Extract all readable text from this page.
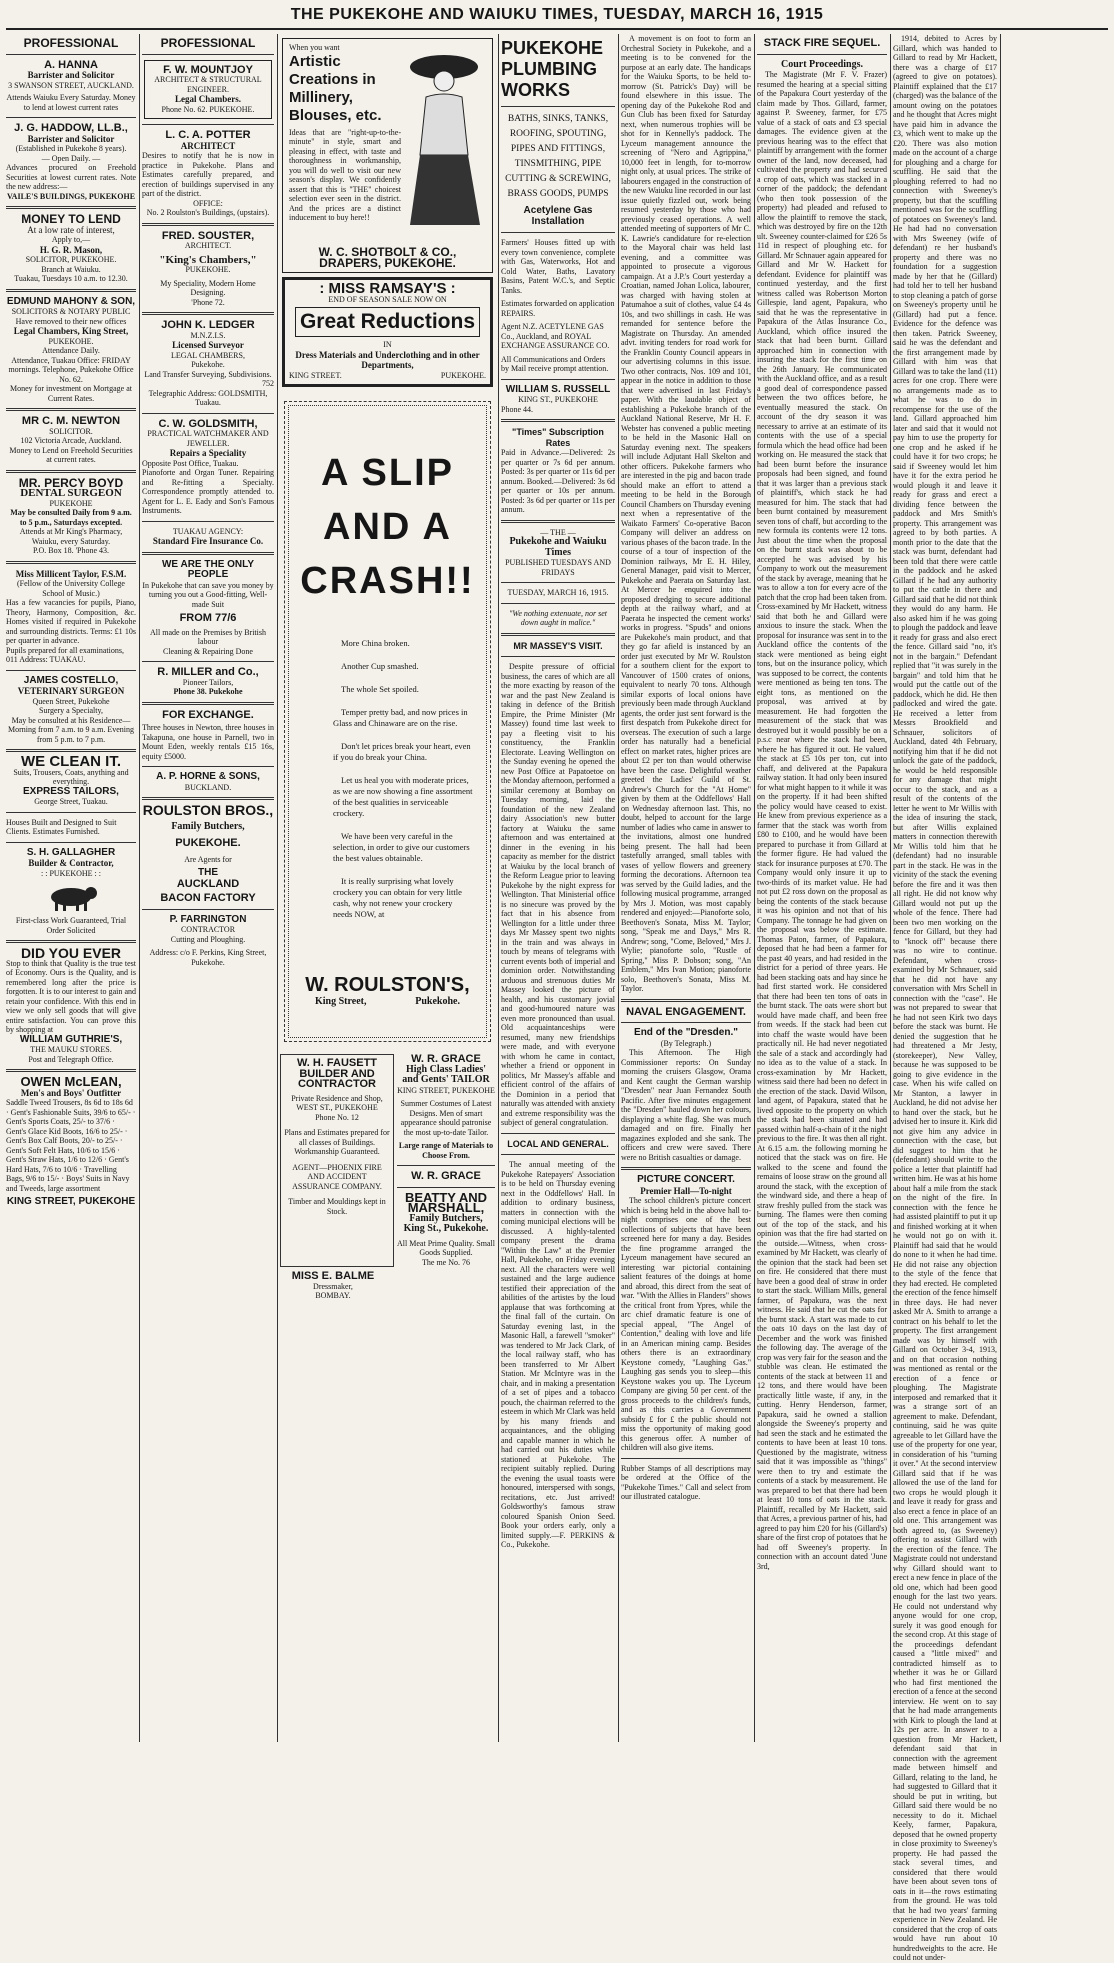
THE PUKEKOHE AND WAIUKU TIMES, TUESDAY, MARCH 16, 1915
PROFESSIONAL
A. HANNA
Barrister and Solicitor
3 SWANSON STREET, AUCKLAND.
Attends Waiuku Every Saturday. Money to lend at lowest current rates
J. G. HADDOW, LL.B.,
Barrister and Solicitor
(Established in Pukekohe 8 years).
— Open Daily. —
Advances procured on Freehold Securities at lowest current rates. Note the new address:—
VAILE'S BUILDINGS, PUKEKOHE
MONEY TO LEND
At a low rate of interest,
Apply to,—
H. G. R. Mason,
SOLICITOR, PUKEKOHE.
Branch at Waiuku.
Tuakau, Tuesdays 10 a.m. to 12.30.
EDMUND MAHONY & SON,
SOLICITORS & NOTARY PUBLIC
Have removed to their new offices
Legal Chambers, King Street,
PUKEKOHE.
Attendance Daily.
Attendance, Tuakau Office: FRIDAY mornings. Telephone, Pukekohe Office No. 62.
Money for investment on Mortgage at Current Rates.
MR C. M. NEWTON
SOLICITOR.
102 Victoria Arcade, Auckland.
Money to Lend on Freehold Securities at current rates.
MR. PERCY BOYD
DENTAL SURGEON
PUKEKOHE
May be consulted Daily from 9 a.m. to 5 p.m., Saturdays excepted.
Attends at Mr King's Pharmacy, Waiuku, every Saturday.
P.O. Box 18. 'Phone 43.
Miss Millicent Taylor, F.S.M.
(Fellow of the University College School of Music.)
Has a few vacancies for pupils, Piano, Theory, Harmony, Composition, &c. Homes visited if required in Pukekohe and surrounding districts. Terms: £1 10s per quarter in advance.
Pupils prepared for all examinations,
011 Address: TUAKAU.
JAMES COSTELLO,
VETERINARY SURGEON
Queen Street, Pukekohe
Surgery a Specialty,
May be consulted at his Residence— Morning from 7 a.m. to 9 a.m. Evening from 5 p.m. to 7 p.m.
WE CLEAN IT.
Suits, Trousers, Coats, anything and everything.
EXPRESS TAILORS,
George Street, Tuakau.
Houses Built and Designed to Suit Clients. Estimates Furnished.
S. H. GALLAGHER
Builder & Contractor,
: : PUKEKOHE : :
First-class Work Guaranteed, Trial Order Solicited
DID YOU EVER
Stop to think that Quality is the true test of Economy. Ours is the Quality, and is remembered long after the price is forgotten. It is to our interest to gain and retain your confidence. With this end in view we only sell goods that will give entire satisfaction. You can prove this by shopping at
WILLIAM GUTHRIE'S,
THE MAUKU STORES.
Post and Telegraph Office.
OWEN McLEAN,
Men's and Boys' Outfitter
Saddle Tweed Trousers, 8s 6d to 18s 6d · Gent's Fashionable Suits, 39/6 to 65/- · Gent's Sports Coats, 25/- to 37/6 · Gent's Glace Kid Boots, 16/6 to 25/- · Gent's Box Calf Boots, 20/- to 25/- · Gent's Soft Felt Hats, 10/6 to 15/6 · Gent's Straw Hats, 1/6 to 12/6 · Gent's Hard Hats, 7/6 to 10/6 · Travelling Bags, 9/6 to 15/- · Boys' Suits in Navy and Tweeds, large assortment
KING STREET, PUKEKOHE
PROFESSIONAL
F. W. MOUNTJOY
ARCHITECT & STRUCTURAL ENGINEER.
Legal Chambers.
Phone No. 62. PUKEKOHE.
L. C. A. POTTER
ARCHITECT
Desires to notify that he is now in practice in Pukekohe. Plans and Estimates carefully prepared, and erection of buildings supervised in any part of the district.
OFFICE:
No. 2 Roulston's Buildings, (upstairs).
FRED. SOUSTER,
ARCHITECT.
"King's Chambers,"
PUKEKOHE.
My Speciality, Modern Home Designing.
'Phone 72.
JOHN K. LEDGER
M.N.Z.I.S.
Licensed Surveyor
LEGAL CHAMBERS,
Pukekohe.
Land Transfer Surveying, Subdivisions.
752
Telegraphic Address: GOLDSMITH, Tuakau.
C. W. GOLDSMITH,
PRACTICAL WATCHMAKER AND JEWELLER.
Repairs a Speciality
Opposite Post Office, Tuakau.
Pianoforte and Organ Tuner. Repairing and Re-fitting a Specialty. Correspondence promptly attended to. Agent for L. E. Eady and Son's Famous Instruments.
TUAKAU AGENCY:
Standard Fire Insurance Co.
WE ARE THE ONLY PEOPLE
In Pukekohe that can save you money by turning you out a Good-fitting, Well-made Suit
FROM 77/6
All made on the Premises by British labour
Cleaning & Repairing Done
R. MILLER and Co.,
Pioneer Tailors,
Phone 38. Pukekohe
FOR EXCHANGE.
Three houses in Newton, three houses in Takapuna, one house in Parnell, two in Mount Eden, weekly rentals £15 16s, equity £5000.
A. P. HORNE & SONS,
BUCKLAND.
ROULSTON BROS.,
Family Butchers,
PUKEKOHE.
Are Agents for
THE
AUCKLAND
BACON FACTORY
P. FARRINGTON
CONTRACTOR
Cutting and Ploughing.
Address: c/o F. Perkins, King Street, Pukekohe.
When you want
Artistic Creations in Millinery, Blouses, etc.
Ideas that are "right-up-to-the-minute" in style, smart and pleasing in effect, with taste and thoroughness in workmanship, you will do well to visit our new season's display. We confidently assert that this is "THE" choicest selection ever seen in the district. And the prices are a distinct inducement to buy here!!
W. C. SHOTBOLT & CO., DRAPERS, PUKEKOHE.
: MISS RAMSAY'S :
END OF SEASON SALE NOW ON
Great Reductions
IN
Dress Materials and Underclothing and in other Departments,
KING STREET.	PUKEKOHE.
A SLIP
AND A
CRASH!!

More China broken.

Another Cup smashed.

The whole Set spoiled.

Temper pretty bad, and now prices in Glass and Chinaware are on the rise.

Don't let prices break your heart, even if you do break your China.

Let us heal you with moderate prices, as we are now showing a fine assortment of the best qualities in serviceable crockery.

We have been very careful in the selection, in order to give our customers the best values obtainable.

It is really surprising what lovely crockery you can obtain for very little cash, why not renew your crockery needs NOW, at

W. ROULSTON'S,
King Street,	Pukekohe.
W. H. FAUSETT
BUILDER AND CONTRACTOR
Private Residence and Shop, WEST ST., PUKEKOHE
Phone No. 12
Plans and Estimates prepared for all classes of Buildings. Workmanship Guaranteed.
AGENT—PHOENIX FIRE AND ACCIDENT ASSURANCE COMPANY.
Timber and Mouldings kept in Stock.
W. R. GRACE
High Class Ladies' and Gents' TAILOR
KING STREET, PUKEKOHE
Summer Costumes of Latest Designs. Men of smart appearance should patronise the most up-to-date Tailor.
Large range of Materials to Choose From.
W. R. GRACE
BEATTY AND MARSHALL,
Family Butchers,
King St., Pukekohe.
All Meat Prime Quality. Small Goods Supplied.
The me No. 76
MISS E. BALME
Dressmaker,
BOMBAY.
PUKEKOHE PLUMBING WORKS
BATHS, SINKS, TANKS, ROOFING, SPOUTING, PIPES AND FITTINGS, TINSMITHING, PIPE CUTTING & SCREWING, BRASS GOODS, PUMPS
Acetylene Gas Installation
Farmers' Houses fitted up with every town convenience, complete with Gas, Waterworks, Hot and Cold Water, Baths, Lavatory Basins, Patent W.C.'s, and Septic Tanks.
Estimates forwarded on application REPAIRS.
Agent N.Z. ACETYLENE GAS Co., Auckland, and ROYAL EXCHANGE ASSURANCE CO.
All Communications and Orders by Mail receive prompt attention.
WILLIAM S. RUSSELL
KING ST., PUKEKOHE
Phone 44.
"Times" Subscription Rates
Paid in Advance.—Delivered: 2s per quarter or 7s 6d per annum. Posted: 3s per quarter or 11s 6d per annum. Booked.—Delivered: 3s 6d per quarter or 10s per annum. Posted: 3s 6d per quarter or 11s per annum.
— THE —
Pukekohe and Waiuku Times
PUBLISHED TUESDAYS AND FRIDAYS
TUESDAY, MARCH 16, 1915.
"We nothing extenuate, nor set down aught in malice."
MR MASSEY'S VISIT.

Despite pressure of official business, the cares of which are all the more exacting by reason of the war and the past New Zealand is taking in defence of the British Empire, the Prime Minister (Mr Massey) found time last week to pay a fleeting visit to his constituency, the Franklin Electorate. Leaving Wellington on the Sunday evening he opened the new Post Office at Papatoetoe on the Monday afternoon, performed a similar ceremony at Bombay on Tuesday morning, laid the foundation of the new Zealand dairy Association's new butter factory at Waiuku the same afternoon and was entertained at dinner in the evening in his capacity as member for the district at Waiuku by the local branch of the Reform League prior to leaving Pukekohe by the night express for Wellington. That Ministerial office is no sinecure was proved by the fact that in his absence from Wellington for a little under three days Mr Massey spent two nights in the train and was always in touch by means of telegrams with current events both of imperial and dominion order. Notwithstanding arduous and strenuous duties Mr Massey looked the picture of health, and his customary jovial and good-humoured nature was even more pronounced than usual. Old acquaintanceships were resumed, many new friendships were made, and with everyone with whom he came in contact, whether a friend or opponent in politics, Mr Massey's affable and efficient control of the affairs of the Dominion in a period that naturally was attended with anxiety and extreme responsibility was the subject of general congratulation.

LOCAL AND GENERAL.

The annual meeting of the Pukekohe Ratepayers' Association is to be held on Thursday evening next in the Oddfellows' Hall. In addition to ordinary business, matters in connection with the coming municipal elections will be discussed. A highly-talented company present the drama "Within the Law" at the Premier Hall, Pukekohe, on Friday evening next. All the characters were well sustained and the large audience testified their appreciation of the abilities of the artistes by the loud applause that was forthcoming at the final fall of the curtain. On Saturday evening last, in the Masonic Hall, a farewell "smoker" was tendered to Mr Jack Clark, of the local railway staff, who has been transferred to Mr Albert Station. Mr McIntyre was in the chair, and in making a presentation of a set of pipes and a tobacco pouch, the chairman referred to the esteem in which Mr Clark was held by his many friends and acquaintances, and the obliging and capable manner in which he had carried out his duties while stationed at Pukekohe. The recipient suitably replied. During the evening the usual toasts were honoured, interspersed with songs, recitations, etc. Just arrived! Goldsworthy's famous straw coloured Spanish Onion Seed. Book your orders early, only a limited supply.—F. PERKINS & Co., Pukekohe.

A movement is on foot to form an Orchestral Society in Pukekohe, and a meeting is to be convened for the purpose at an early date. The handicaps for the Waiuku Sports, to be held to-morrow (St. Patrick's Day) will be found elsewhere in this issue. The opening day of the Pukekohe Rod and Gun Club has been fixed for Saturday next, when numerous trophies will be shot for in Kennelly's paddock. The Lyceum management announce the screening of "Nero and Agrippina," 10,000 feet in length, for to-morrow night only, at usual prices. The strike of labourers engaged in the construction of the new Waiuku line recorded in our last issue quietly fizzled out, work being resumed yesterday by those who had previously ceased operations. A well attended meeting of supporters of Mr C. K. Lawrie's candidature for re-election to the Mayoral chair was held last evening, and a committee was appointed to prosecute a vigorous campaign. At a J.P.'s Court yesterday a Croatian, named Johan Lolica, labourer, was charged with having stolen at Patumahoe a suit of clothes, value £4 4s 10s, and two shillings in cash. He was remanded for sentence before the Magistrate on Thursday. An amended advt. inviting tenders for road work for the Franklin County Council appears in our advertising columns in this issue. Two other contracts, Nos. 109 and 101, appear in the notice in addition to those that were advertised in last Friday's paper. With the laudable object of establishing a Pukekohe branch of the Auckland National Reserve, Mr H. F. Webster has convened a public meeting to be held in the Masonic Hall on Saturday evening next. The speakers will include Adjutant Hall Skelton and other officers. Pukekohe farmers who are interested in the pig and bacon trade should make an effort to attend a meeting to be held in the Borough Council Chambers on Thursday evening next when a representative of the Waikato Farmers' Co-operative Bacon Company will deliver an address on various phases of the bacon trade. In the course of a tour of inspection of the Dominion railways, Mr E. H. Hiley, General Manager, paid visit to Mercer, Pukekohe and Paerata on Saturday last. At Mercer he enquired into the proposed dredging to secure additional depth at the railway wharf, and at Paerata he inspected the cement works' works in progress. "Spuds" and onions are Pukekohe's main product, and that they go far afield is instanced by an order just executed by Mr W. Roulston for a southern client for the export to Vancouver of 1500 crates of onions, equivalent to nearly 70 tons. Although similar exports of local onions have previously been made through Auckland agents, the order just sent forward is the first despatch from Pukekohe direct for overseas. The execution of such a large order has naturally had a beneficial effect on market rates, higher prices are about £2 per ton than would otherwise have been the case. Delightful weather greeted the Ladies' Guild of St. Andrew's Church for the "At Home" given by them at the Oddfellows' Hall on Wednesday afternoon last. This, no doubt, helped to account for the large number of ladies who came in answer to the invitations, almost one hundred being present. The hall had been tastefully arranged, small tables with vases of yellow flowers and greenery forming the decorations. Afternoon tea was served by the Guild ladies, and the following musical programme, arranged by Mrs J. Motion, was most capably rendered and enjoyed:—Pianoforte solo, Beethoven's Sonata, Miss M. Taylor; song, "Speak me and Days," Mrs R. Andrew; song, "Come, Beloved," Mrs J. Wylie; pianoforte solo, "Rustle of Spring," Miss P. Dobson; song, "An Emblem," Mrs Ivan Motion; pianoforte solo, Beethoven's Sonata, Miss M. Taylor.

NAVAL ENGAGEMENT.
End of the "Dresden."
(By Telegraph.)

This Afternoon. The High Commissioner reports: On Sunday morning the cruisers Glasgow, Orama and Kent caught the German warship "Dresden" near Juan Fernandez South Pacific. After five minutes engagement the "Dresden" hauled down her colours, displaying a white flag. She was much damaged and on fire. Finally her magazines exploded and she sank. The officers and crew were saved. There were no British casualties or damage.

PICTURE CONCERT.
Premier Hall—To-night

The school children's picture concert which is being held in the above hall to-night comprises one of the best collections of subjects that have been screened here for many a day. Besides the fine programme arranged the Lyceum management have secured an interesting war pictorial containing salient features of the doings at home and abroad, this direct from the seat of war. "With the Allies in Flanders" shows the critical front from Ypres, while the arc chief dramatic feature is one of special appeal, "The Angel of Contention," dealing with love and life in an American mining camp. Besides others there is an extraordinary Keystone comedy, "Laughing Gas." Laughing gas sends you to sleep—this Keystone wakes you up. The Lyceum Company are giving 50 per cent. of the gross proceeds to the children's funds, and as this carries a Government subsidy £ for £ the public should not miss the opportunity of making good this generous offer. A number of children will also give items.

Rubber Stamps of all descriptions may be ordered at the Office of the "Pukekohe Times." Call and select from our illustrated catalogue.
STACK FIRE SEQUEL.
Court Proceedings.

The Magistrate (Mr F. V. Frazer) resumed the hearing at a special sitting of the Papakura Court yesterday of the claim made by Thos. Gillard, farmer, against P. Sweeney, farmer, for £75 value of a stack of oats and £3 special damages. The evidence given at the previous hearing was to the effect that plaintiff by arrangement with the former owner of the land, now deceased, had cultivated the property and had secured a crop of oats, which was stacked in a corner of the paddock; the defendant (who then took possession of the property) had pleaded and refused to allow the plaintiff to remove the stack, which was destroyed by fire on the 12th ult. Sweeney counter-claimed for £26 5s 11d in respect of ploughing etc. for Gillard. Mr Schnauer again appeared for Gillard and Mr W. Hackett for defendant. Evidence for plaintiff was continued yesterday, and the first witness called was Robertson Morton Gillespie, land agent, Papakura, who said that he was the representative in Papakura of the Atlas Insurance Co., Auckland, which office insured the stack that had been burnt. Gillard approached him in connection with insuring the stack for the first time on the 26th January. He communicated with the Auckland office, and as a result a good deal of correspondence passed between the two offices before, he eventually measured the stack. On account of the dry season it was necessary to arrive at an estimate of its contents with the use of a special formula which the head office had been working on. He measured the stack that had been burnt before the insurance proposals had been signed, and found that it was larger than a previous stack of plaintiff's, which stack he had measured for him. The stack that had been burnt contained by measurement seven tons of chaff, but according to the new formula its contents were 12 tons. Just about the time when the proposal on the burnt stack was about to be accepted he was advised by his Company to work out the measurement of the stack by average, meaning that he was to allow a ton for every acre of the patch that the crop had been taken from. Cross-examined by Mr Hackett, witness said that both he and Gillard were anxious to insure the stack. When the proposal for insurance was sent in to the Auckland office the contents of the stack were mentioned as being eight tons, but on the insurance policy, which was supposed to be correct, the contents were mentioned as being ten tons. The eight tons, as mentioned on the proposal, was arrived at by measurement. He had forgotten the measurement of the stack that was destroyed but it would possibly be on a p.s.c near where the stack had been, where he has figured it out. He valued the stack at £5 10s per ton, cut into chaff, and delivered at the Papakura railway station. It had only been insured for what might happen to it while it was on the property. If it had been shifted the policy would have ceased to exist. He knew from previous experience as a farmer that the stack was worth from £80 to £100, and he would have been prepared to purchase it from Gillard at the former figure. He had valued the stack for insurance purposes at £70. The Company would only insure it up to two-thirds of its market value. He had not put £2 ross down on the proposal as being the contents of the stack because it was his opinion and not that of his Company. The tonnage he had given on the proposal was below the estimate. Thomas Paton, farmer, of Papakura, deposed that he had been a farmer for the past 40 years, and had resided in the district for a period of three years. He had been stacking oats and hay since he had first started work. He considered that there had been ten tons of oats in the burnt stack. The oats were short but would have made chaff, and been free from weeds. If the stack had been cut into chaff the waste would have been practically nil. He had never negotiated the sale of a stack and accordingly had no idea as to the value of a stack. In cross-examination by Mr Hackett, witness said there had been no defect in the erection of the stack. David Wilson, land agent, of Papakura, stated that he lived opposite to the property on which the stack had been situated and had passed within half-a-chain of it the night previous to the fire. It was then all right. At 6.15 a.m. the following morning he noticed that the stack was on fire. He walked to the scene and found the remains of loose straw on the ground all around the stack, with the exception of the windward side, and there a heap of straw freshly pulled from the stack was burning. The flames were then coming out of the top of the stack, and his opinion was that the fire had started on the outside.—Witness, when cross-examined by Mr Hackett, was clearly of the opinion that the stack had been set on fire. He considered that there must have been a good deal of straw in order to start the stack. William Mills, general farmer, of Papakura, was the next witness. He said that he cut the oats for the burnt stack. A start was made to cut the oats 10 days on the last day of December and the work was finished the following day. The average of the crop was very fair for the season and the stubble was clean. He estimated the contents of the stack at between 11 and 12 tons, and there would have been practically little waste, if any, in the cutting. Henry Henderson, farmer, Papakura, said he owned a stallion alongside the Sweeney's property and had seen the stack and he estimated the contents to have been at least 10 tons. Questioned by the magistrate, witness said that it was impossible as "things" were then to try and estimate the contents of a stack by measurement. He was prepared to bet that there had been at least 10 tons of oats in the stack. Plaintiff, recalled by Mr Hackett, said that Acres, a previous partner of his, had agreed to pay him £20 for his (Gillard's) share of the first crop of potatoes that he had off Sweeney's property. In connection with an account dated 'June 3rd,

1914, debited to Acres by Gillard, which was handed to Gillard to read by Mr Hackett, there was a charge of £17 (agreed to give on potatoes). Plaintiff explained that the £17 (charged) was the balance of the amount owing on the potatoes and he thought that Acres might have paid him in advance the £3, which went to make up the £20. There was also motion made on the account of a charge for ploughing and a charge for scuffling. He said that the ploughing referred to had no connection with Sweeney's property, but that the scuffling mentioned was for the scuffling of potatoes on Sweeney's land. He had had no conversation with Mrs Sweeney (wife of defendant) re her husband's property and there was no foundation for a suggestion made by her that he (Gillard) had told her to tell her husband to stop cleaning a patch of gorse on Sweeney's property until he (Gillard) had put a fence. Evidence for the defence was then taken. Patrick Sweeney, said he was the defendant and the first arrangement made by Gillard with him was that Gillard was to take the land (11) acres for one crop. There were no arrangements made as to what he was to do in recompense for the use of the land. Gillard approached him later and said that it would not pay him to use the property for one crop and he asked if he could have it for two crops; he said if Sweeney would let him have it for the extra period he would plough it and leave it ready for grass and erect a dividing fence between the paddock and Mrs Smith's property. This arrangement was agreed to by both parties. A month prior to the date that the stack was burnt, defendant had been told that there were cattle in the paddock and he asked Gillard if he had any authority to put the cattle in there and Gillard said that he did not think they would do any harm. He also asked him if he was going to plough the paddock and leave it ready for grass and also erect the fence. Gillard said "no, it's not in the bargain." Defendant replied that "it was surely in the bargain" and told him that he would put the cattle out of the paddock, which he did. He then padlocked and wired the gate. He received a letter from Messrs Brookfield and Schnauer, solicitors of Auckland, dated 4th February, notifying him that if he did not unlock the gate of the paddock, he would be held responsible for any damage that might occur to the stack, and as a result of the contents of the letter he went to Mr Willis with the idea of insuring the stack, but after Willis explained matters in connection therewith Mr Willis told him that he (defendant) had no insurable part in the stack. He was in the vicinity of the stack the evening before the fire and it was then all right. He did not know why Gillard would not put up the whole of the fence. There had been two men working on the fence for Gillard, but they had to "knock off" because there was no wire to continue. Defendant, when cross-examined by Mr Schnauer, said that he did not have any conversation with Mrs Schell in connection with the "case". He was not prepared to swear that he had not seen Kirk two days before the stack was burnt. He denied the suggestion that he had threatened a Mr Jesty, (storekeeper), New Valley, because he was supposed to be going to give evidence in the case. When his wife called on Mr Stanton, a lawyer in Auckland, he did not advise her to hand over the stack, but he advised her to insure it. Kirk did not give him any advice in connection with the case, but did suggest to him that he (defendant) should write to the police a letter that plaintiff had written him. He was at his home about half a mile from the stack on the night of the fire. In connection with the fence he had assisted plaintiff to put it up and finished working at it when he would not go on with it. Plaintiff had said that he would do none to it when he had time. He did not raise any objection to the style of the fence that they had erected. He completed the erection of the fence himself in three days. He had never asked Mr A. Smith to arrange a contract on his behalf to let the property. The first arrangement made was by himself with Gillard on October 3-4, 1913, and on that occasion nothing was mentioned as rental or the erection of a fence or ploughing. The Magistrate interposed and remarked that it was a strange sort of an agreement to make. Defendant, continuing, said he was quite agreeable to let Gillard have the use of the property for one year, in consideration of his "turning it over." At the second interview Gillard said that if he was allowed the use of the land for two crops he would plough it and leave it ready for grass and also erect a fence in place of an old one. This arrangement was both agreed to, (as Sweeney) offering to assist Gillard with the erection of the fence. The Magistrate could not understand why Gillard should want to erect a new fence in place of the old one, which had been good enough for the last two years. He could not understand why anyone would for one crop, surely it was good enough for the second crop. At this stage of the proceedings defendant caused a "little mixed" and contradicted himself as to whether it was he or Gillard who had first mentioned the erection of a fence at the second interview. He went on to say that he had made arrangements with Kirk to plough the land at 12s per acre. In answer to a question from Mr Hackett, defendant said that in connection with the agreement made between himself and Gillard, relating to the land, he had suggested to Gillard that it should be put in writing, but Gillard said there would be no necessity to do it. Michael Keely, farmer, Papakura, deposed that he owned property in close proximity to Sweeney's property. He had passed the stack several times, and considered that there would have been about seven tons of oats in it—the rows estimating from the ground. He was told that he had two years' farming experience in New Zealand. He considered that the crop of oats would have run about 10 hundredweights to the acre. He could not under-
